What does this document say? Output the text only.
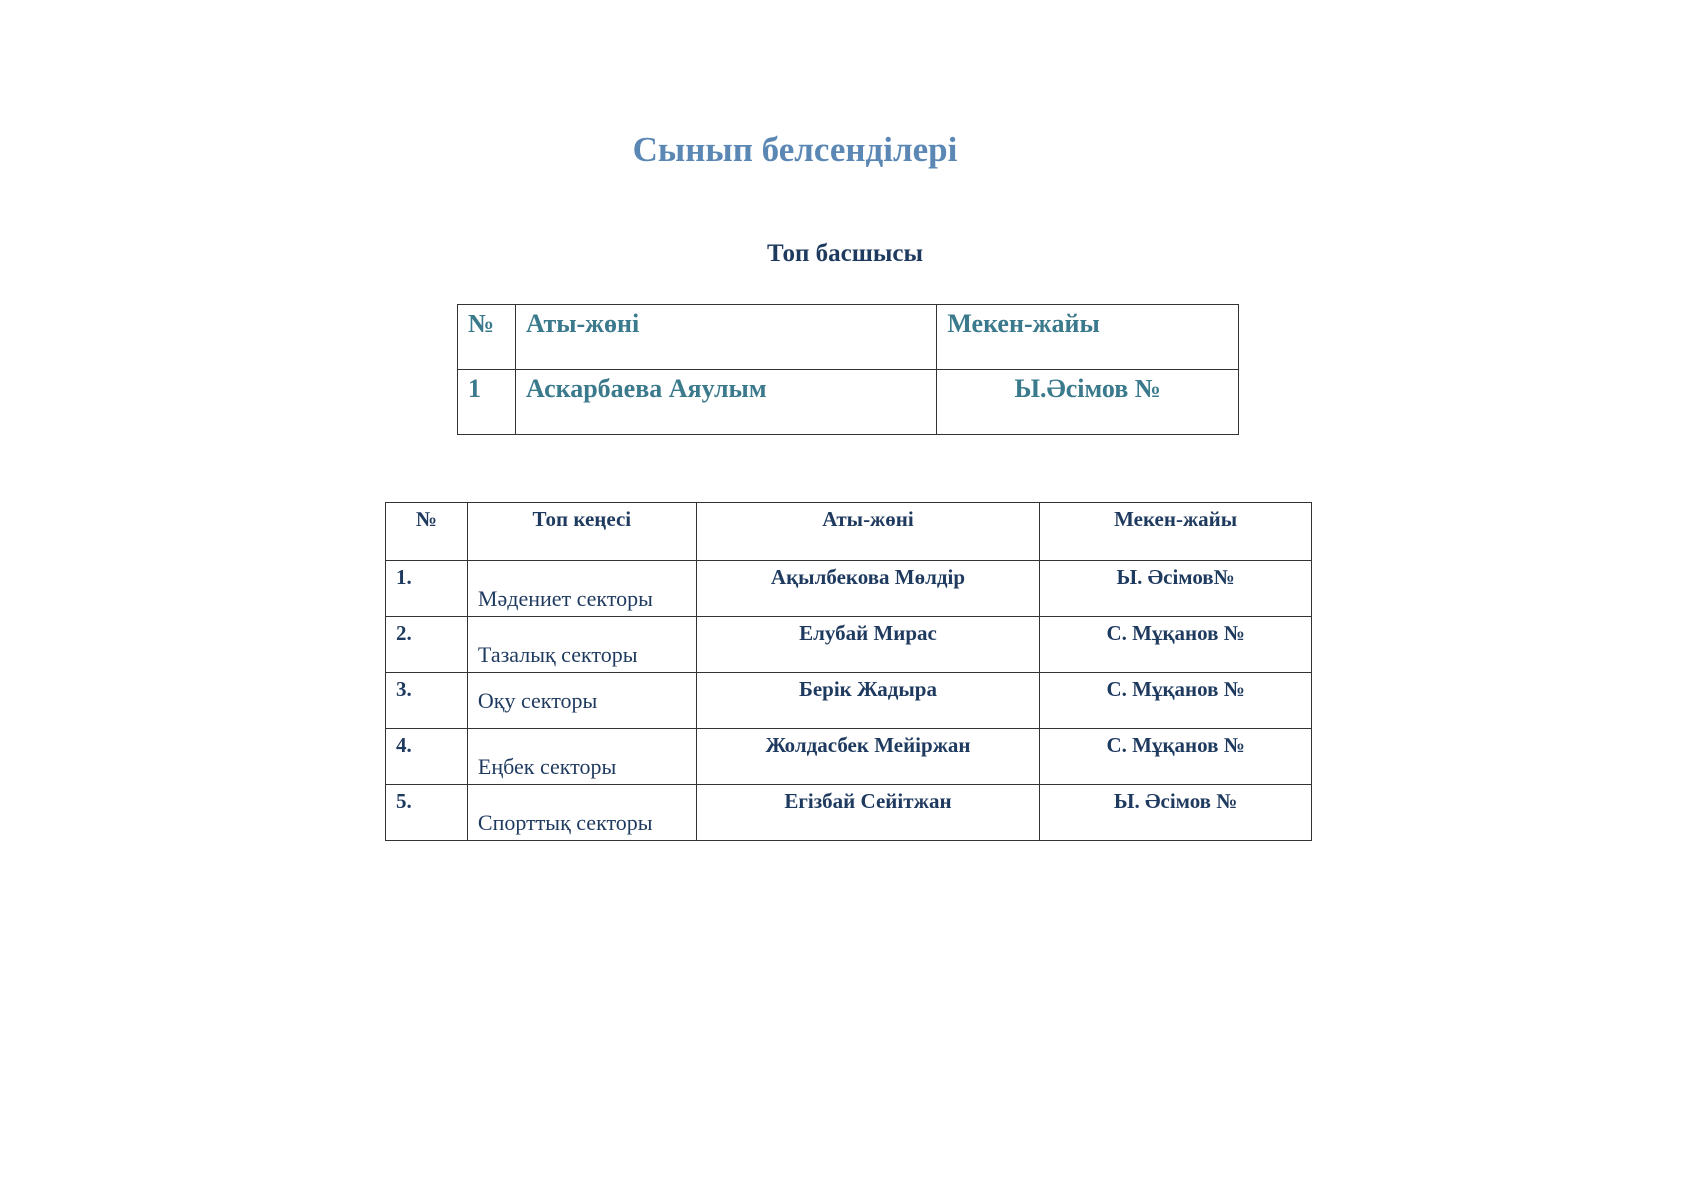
Сынып белсенділері
Топ басшысы
№	Аты-жөні	Мекен-жайы
1	Аскарбаева Аяулым	Ы.Әсімов №
№	Топ кеңесі	Аты-жөні	Мекен-жайы
1.	Мәдениет секторы	Ақылбекова Мөлдір	Ы. Әсімов№
2.	Тазалық секторы	Елубай Мирас	С. Мұқанов №
3.	Оқу секторы	Берік Жадыра	С. Мұқанов №
4.	Еңбек секторы	Жолдасбек Мейіржан	С. Мұқанов №
5.	Спорттық секторы	Егізбай Сейітжан	Ы. Әсімов №
